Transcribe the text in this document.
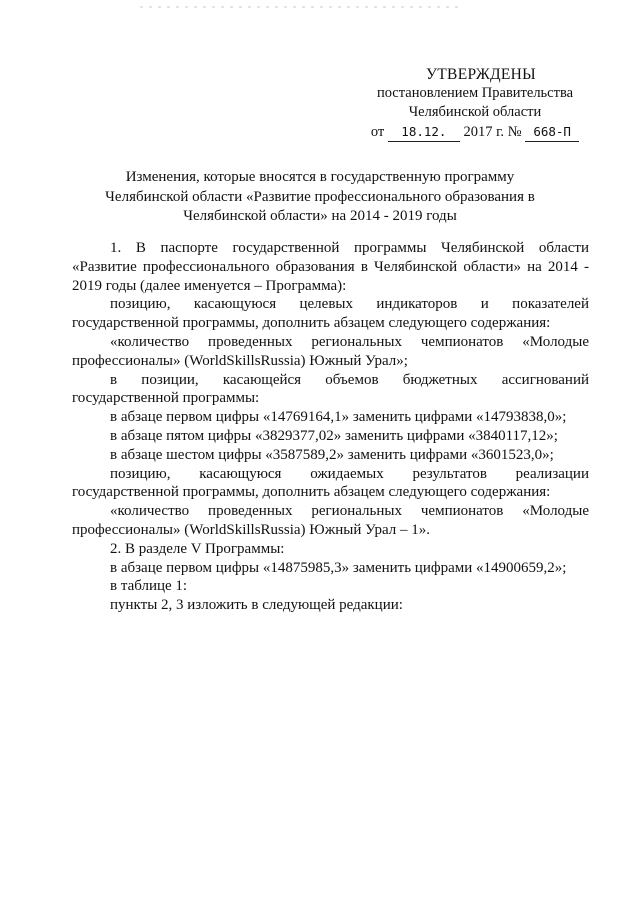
УТВЕРЖДЕНЫ
постановлением Правительства
Челябинской области
от 18.12. 2017 г. № 668-П
Изменения, которые вносятся в государственную программу Челябинской области «Развитие профессионального образования в Челябинской области» на 2014 - 2019 годы

1. В паспорте государственной программы Челябинской области «Развитие профессионального образования в Челябинской области» на 2014 - 2019 годы (далее именуется – Программа):

позицию, касающуюся целевых индикаторов и показателей государственной программы, дополнить абзацем следующего содержания:

«количество проведенных региональных чемпионатов «Молодые профессионалы» (WorldSkillsRussia) Южный Урал»;

в позиции, касающейся объемов бюджетных ассигнований государственной программы:

в абзаце первом цифры «14769164,1» заменить цифрами «14793838,0»;

в абзаце пятом цифры «3829377,02» заменить цифрами «3840117,12»;

в абзаце шестом цифры «3587589,2» заменить цифрами «3601523,0»;

позицию, касающуюся ожидаемых результатов реализации государственной программы, дополнить абзацем следующего содержания:

«количество проведенных региональных чемпионатов «Молодые профессионалы» (WorldSkillsRussia) Южный Урал – 1».

2. В разделе V Программы:

в абзаце первом цифры «14875985,3» заменить цифрами «14900659,2»;

в таблице 1:

пункты 2, 3 изложить в следующей редакции:
